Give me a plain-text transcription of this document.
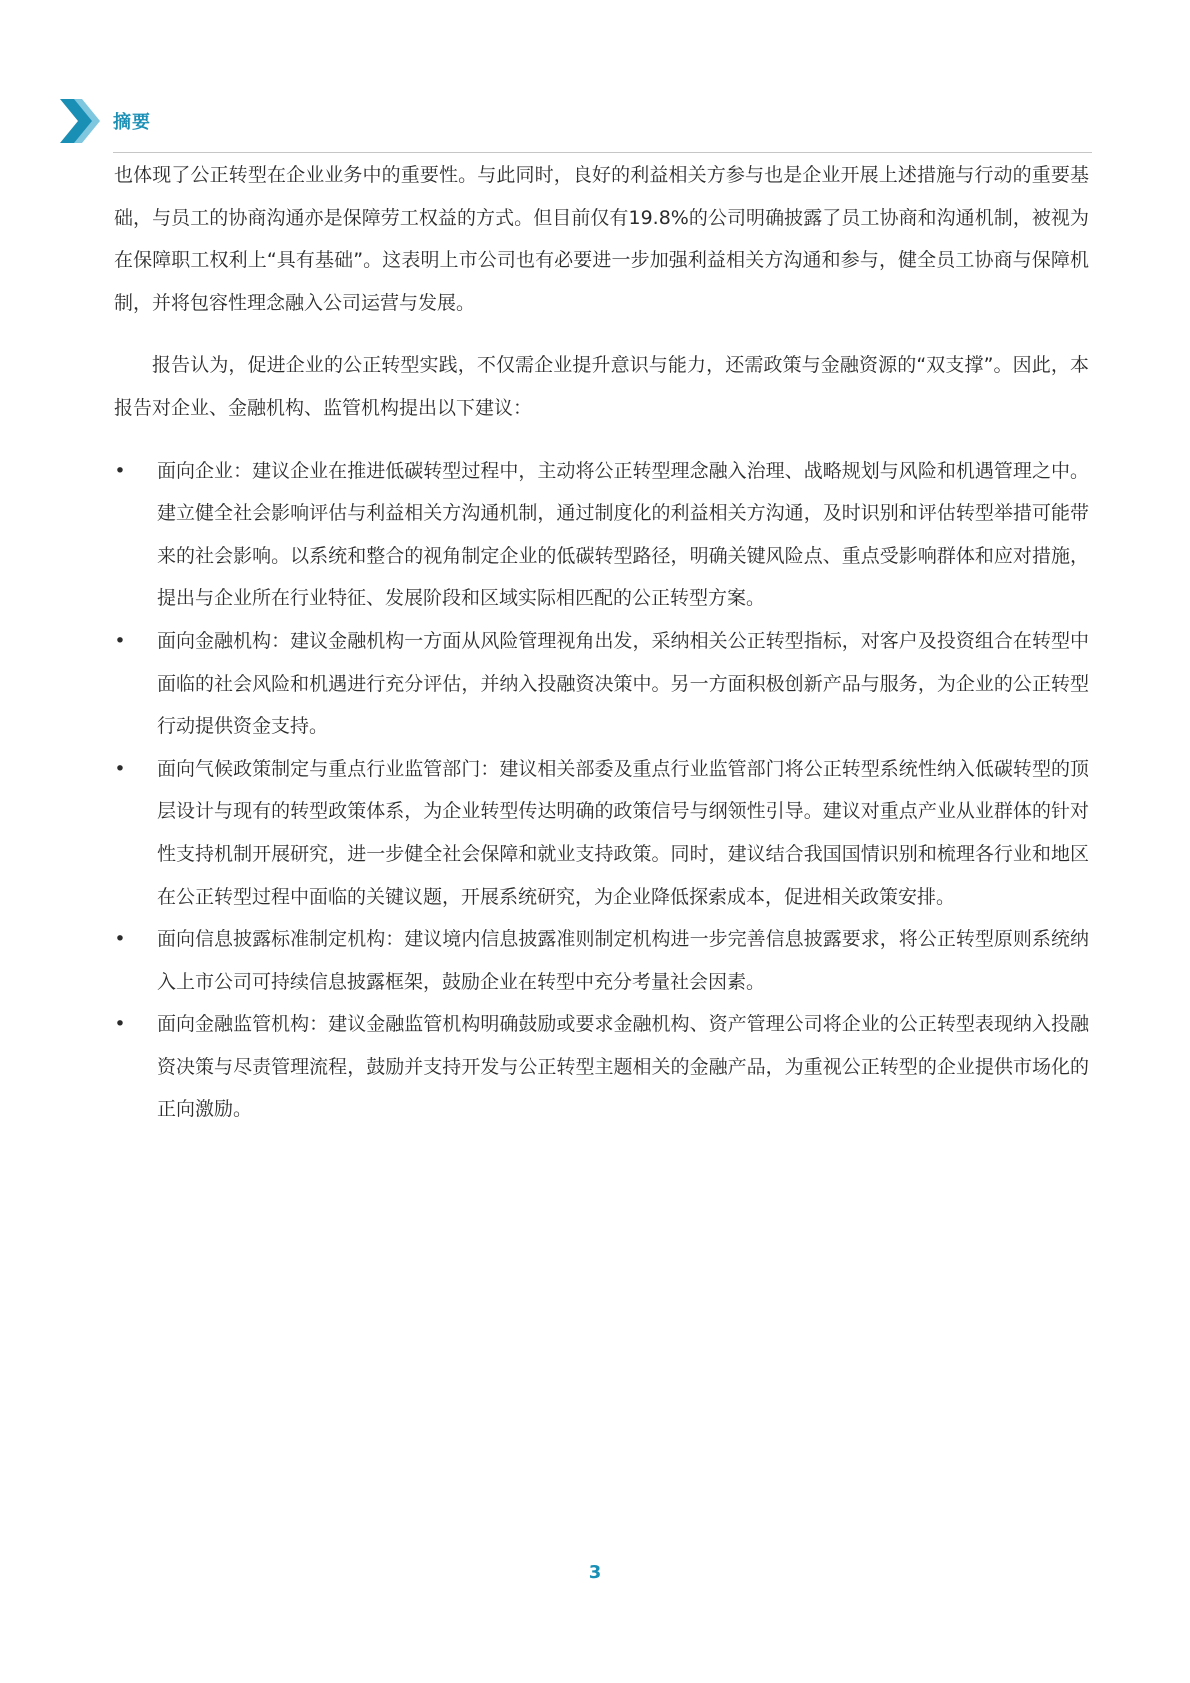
摘要

也体现了公正转型在企业业务中的重要性。与此同时，良好的利益相关方参与也是企业开展上述措施与行动的重要基础，与员工的协商沟通亦是保障劳工权益的方式。但目前仅有19.8%的公司明确披露了员工协商和沟通机制，被视为在保障职工权利上“具有基础”。这表明上市公司也有必要进一步加强利益相关方沟通和参与，健全员工协商与保障机制，并将包容性理念融入公司运营与发展。

报告认为，促进企业的公正转型实践，不仅需企业提升意识与能力，还需政策与金融资源的“双支撑”。因此，本报告对企业、金融机构、监管机构提出以下建议：

• 面向企业：建议企业在推进低碳转型过程中，主动将公正转型理念融入治理、战略规划与风险和机遇管理之中。建立健全社会影响评估与利益相关方沟通机制，通过制度化的利益相关方沟通，及时识别和评估转型举措可能带来的社会影响。以系统和整合的视角制定企业的低碳转型路径，明确关键风险点、重点受影响群体和应对措施，提出与企业所在行业特征、发展阶段和区域实际相匹配的公正转型方案。
• 面向金融机构：建议金融机构一方面从风险管理视角出发，采纳相关公正转型指标，对客户及投资组合在转型中面临的社会风险和机遇进行充分评估，并纳入投融资决策中。另一方面积极创新产品与服务，为企业的公正转型行动提供资金支持。
• 面向气候政策制定与重点行业监管部门：建议相关部委及重点行业监管部门将公正转型系统性纳入低碳转型的顶层设计与现有的转型政策体系，为企业转型传达明确的政策信号与纲领性引导。建议对重点产业从业群体的针对性支持机制开展研究，进一步健全社会保障和就业支持政策。同时，建议结合我国国情识别和梳理各行业和地区在公正转型过程中面临的关键议题，开展系统研究，为企业降低探索成本，促进相关政策安排。
• 面向信息披露标准制定机构：建议境内信息披露准则制定机构进一步完善信息披露要求，将公正转型原则系统纳入上市公司可持续信息披露框架，鼓励企业在转型中充分考量社会因素。
• 面向金融监管机构：建议金融监管机构明确鼓励或要求金融机构、资产管理公司将企业的公正转型表现纳入投融资决策与尽责管理流程，鼓励并支持开发与公正转型主题相关的金融产品，为重视公正转型的企业提供市场化的正向激励。
3
